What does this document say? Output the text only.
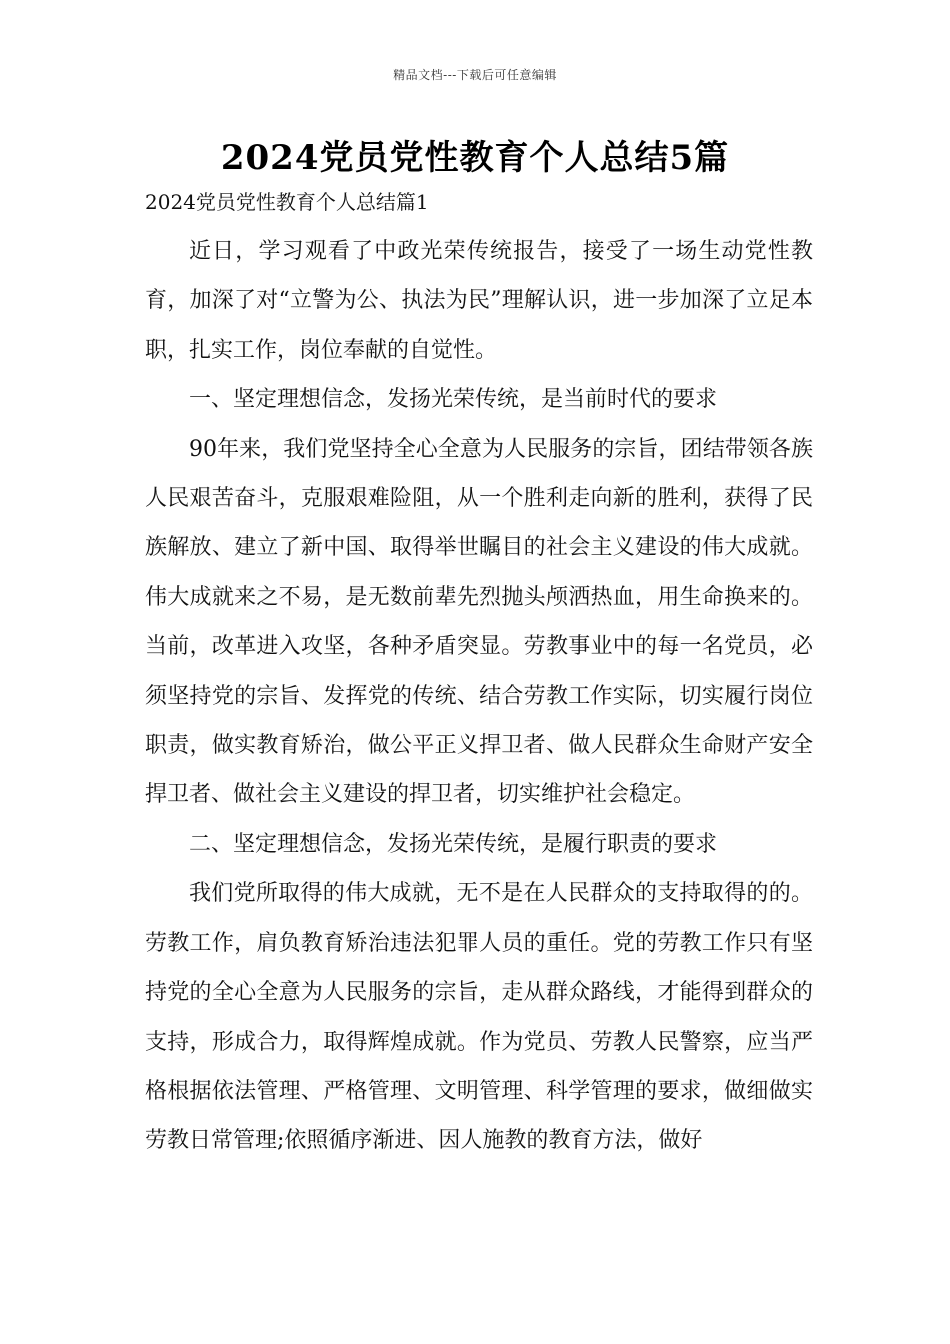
精品文档---下载后可任意编辑
2024党员党性教育个人总结5篇
2024党员党性教育个人总结篇1

近日，学习观看了中政光荣传统报告，接受了一场生动党性教育，加深了对“立警为公、执法为民”理解认识，进一步加深了立足本职，扎实工作，岗位奉献的自觉性。

一、坚定理想信念，发扬光荣传统，是当前时代的要求

90年来，我们党坚持全心全意为人民服务的宗旨，团结带领各族人民艰苦奋斗，克服艰难险阻，从一个胜利走向新的胜利，获得了民族解放、建立了新中国、取得举世瞩目的社会主义建设的伟大成就。伟大成就来之不易，是无数前辈先烈抛头颅洒热血，用生命换来的。当前，改革进入攻坚，各种矛盾突显。劳教事业中的每一名党员，必须坚持党的宗旨、发挥党的传统、结合劳教工作实际，切实履行岗位职责，做实教育矫治，做公平正义捍卫者、做人民群众生命财产安全捍卫者、做社会主义建设的捍卫者，切实维护社会稳定。

二、坚定理想信念，发扬光荣传统，是履行职责的要求

我们党所取得的伟大成就，无不是在人民群众的支持取得的的。劳教工作，肩负教育矫治违法犯罪人员的重任。党的劳教工作只有坚持党的全心全意为人民服务的宗旨，走从群众路线，才能得到群众的支持，形成合力，取得辉煌成就。作为党员、劳教人民警察，应当严格根据依法管理、严格管理、文明管理、科学管理的要求，做细做实劳教日常管理;依照循序渐进、因人施教的教育方法，做好
